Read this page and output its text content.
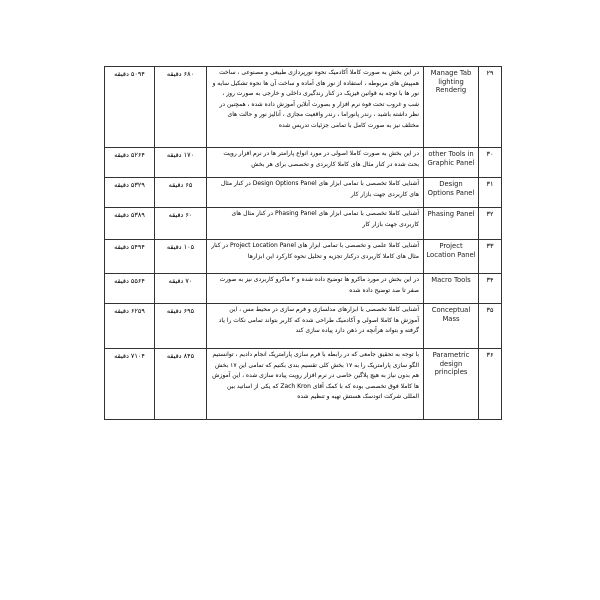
۵۰۹۴ دقیقه	۶۸۰ دقیقه	در این بخش به صورت کاملا آکادمیک نحوه نورپردازی طبیعی و مصنوعی ، ساخت همپیش های مربوطه ، استفاده از نور های آماده و ساخت آن ها نحوه تشکیل سایه و نور ها با توجه به قوانین فیزیک در کنار رندگیری داخلی و خارجی به صورت روز ، شب و غروب تحت فوه نرم افزار و بصورت آنلاین آموزش داده شده ، همچنین در نظر داشته باشید ، رندر پانوراما ، رندر واقعیت مجازی ، آنالیز نور و حالت های مختلف نیز به صورت کامل با تمامی جزئیات تدریس شده	Manage Tab lighting Renderig	۲۹
۵۲۶۴ دقیقه	۱۷۰ دقیقه	در این بخش به صورت کاملا اصولی در مورد انواع پارامتر ها در نرم افزار رویت بحث شده در کنار مثال های کاملا کاربردی و تخصصی برای هر بخش	other Tools in Graphic Panel	۳۰
۵۳۲۹ دقیقه	۶۵ دقیقه	آشنایی کاملا تخصصی با تمامی ابزار های Design Options Panel در کنار مثال های کاربردی جهت بازار کار	Design Options Panel	۳۱
۵۳۸۹ دقیقه	۶۰ دقیقه	آشنایی کاملا تخصصی با تمامی ابزار های Phasing Panel در کنار مثال های کاربردی جهت بازار کار	Phasing Panel	۳۲
۵۴۹۴ دقیقه	۱۰۵ دقیقه	آشنایی کاملا علمی و تخصصی با تمامی ابزار های Project Location Panel در کنار مثال های کاملا کاربردی درکنار تجزیه و تحلیل نحوه کارکرد این ابزارها	Project Location Panel	۳۳
۵۵۶۴ دقیقه	۷۰ دقیقه	در این بخش در مورد ماکرو ها توضیح داده شده و ۲ ماکرو کاربردی نیز به صورت صفر تا صد توضیح داده شده	Macro Tools	۳۴
۶۲۵۹ دقیقه	۶۹۵ دقیقه	آشنایی کاملا تخصصی با ابزارهای مدلسازی و فرم سازی در محیط مس ، این آموزش ها کاملا اصولی و آکادمیک طراحی شده که کاربر بتواند تمامی نکات را یاد گرفته و بتواند هرآنچه در ذهن دارد پیاده سازی کند	Conceptual Mass	۳۵
۷۱۰۴ دقیقه	۸۴۵ دقیقه	با توجه به تحقیق جامعی که در رابطه با فرم سازی پارامتریک انجام دادیم ، توانستیم الگو سازی پارامتریک را به ۱۷ بخش کلی تقسیم بندی بکنیم که تمامی این ۱۷ بخش هم بدون نیاز به هیچ پلاگین خاصی در نرم افزار رویت پیاده سازی شده ، این آموزش ها کاملا فوق تخصصی بوده که با کمک آقای Zach Kron که یکی از اساتید بین المللی شرکت اتودسک هستش تهیه و تنظیم شده	Parametric design principles	۳۶
